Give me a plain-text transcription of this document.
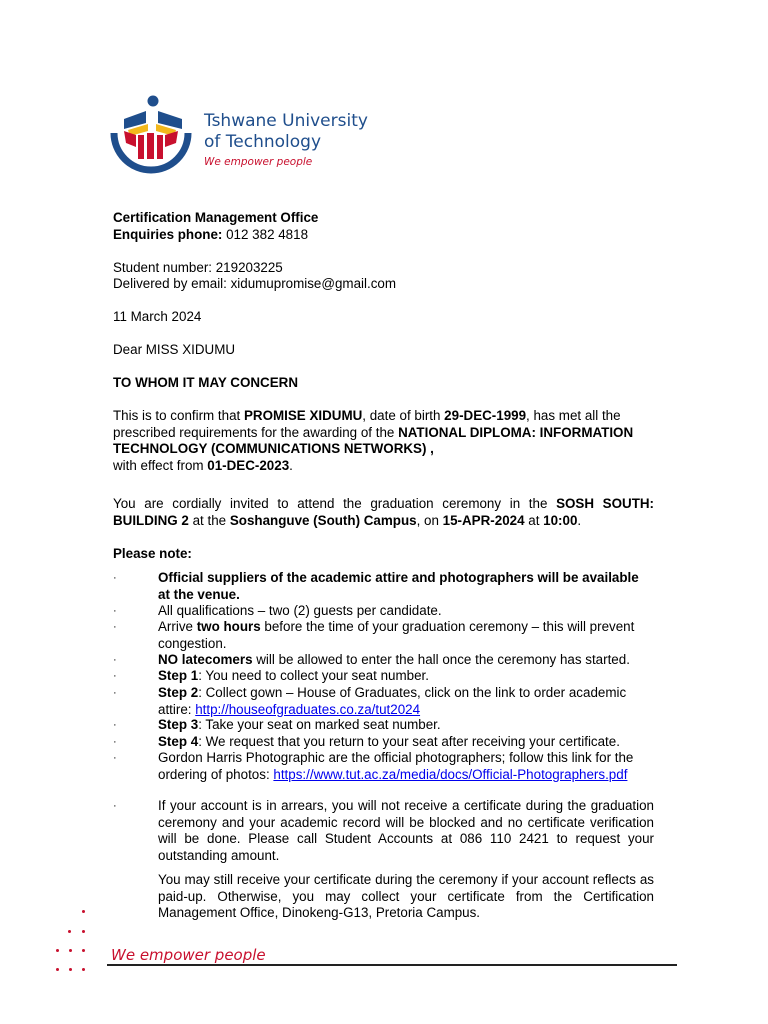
Tshwane University
of Technology
We empower people
Certification Management Office
Enquiries phone: 012 382 4818
Student number: 219203225
Delivered by email: xidumupromise@gmail.com
11 March 2024
Dear MISS XIDUMU
TO WHOM IT MAY CONCERN
This is to confirm that PROMISE XIDUMU, date of birth 29-DEC-1999, has met all the prescribed requirements for the awarding of the NATIONAL DIPLOMA: INFORMATION TECHNOLOGY (COMMUNICATIONS NETWORKS) ,
with effect from 01-DEC-2023.
You are cordially invited to attend the graduation ceremony in the SOSH SOUTH: BUILDING 2 at the Soshanguve (South) Campus, on 15-APR-2024 at 10:00.
Please note:
·	Official suppliers of the academic attire and photographers will be available at the venue.
·	All qualifications – two (2) guests per candidate.
·	Arrive two hours before the time of your graduation ceremony – this will prevent congestion.
·	NO latecomers will be allowed to enter the hall once the ceremony has started.
·	Step 1: You need to collect your seat number.
·	Step 2: Collect gown – House of Graduates, click on the link to order academic attire: http://houseofgraduates.co.za/tut2024
·	Step 3: Take your seat on marked seat number.
·	Step 4: We request that you return to your seat after receiving your certificate.
·	Gordon Harris Photographic are the official photographers; follow this link for the ordering of photos: https://www.tut.ac.za/media/docs/Official-Photographers.pdf
·	If your account is in arrears, you will not receive a certificate during the graduation ceremony and your academic record will be blocked and no certificate verification will be done. Please call Student Accounts at 086 110 2421 to request your outstanding amount.
You may still receive your certificate during the ceremony if your account reflects as paid-up. Otherwise, you may collect your certificate from the Certification Management Office, Dinokeng-G13, Pretoria Campus.
We empower people
